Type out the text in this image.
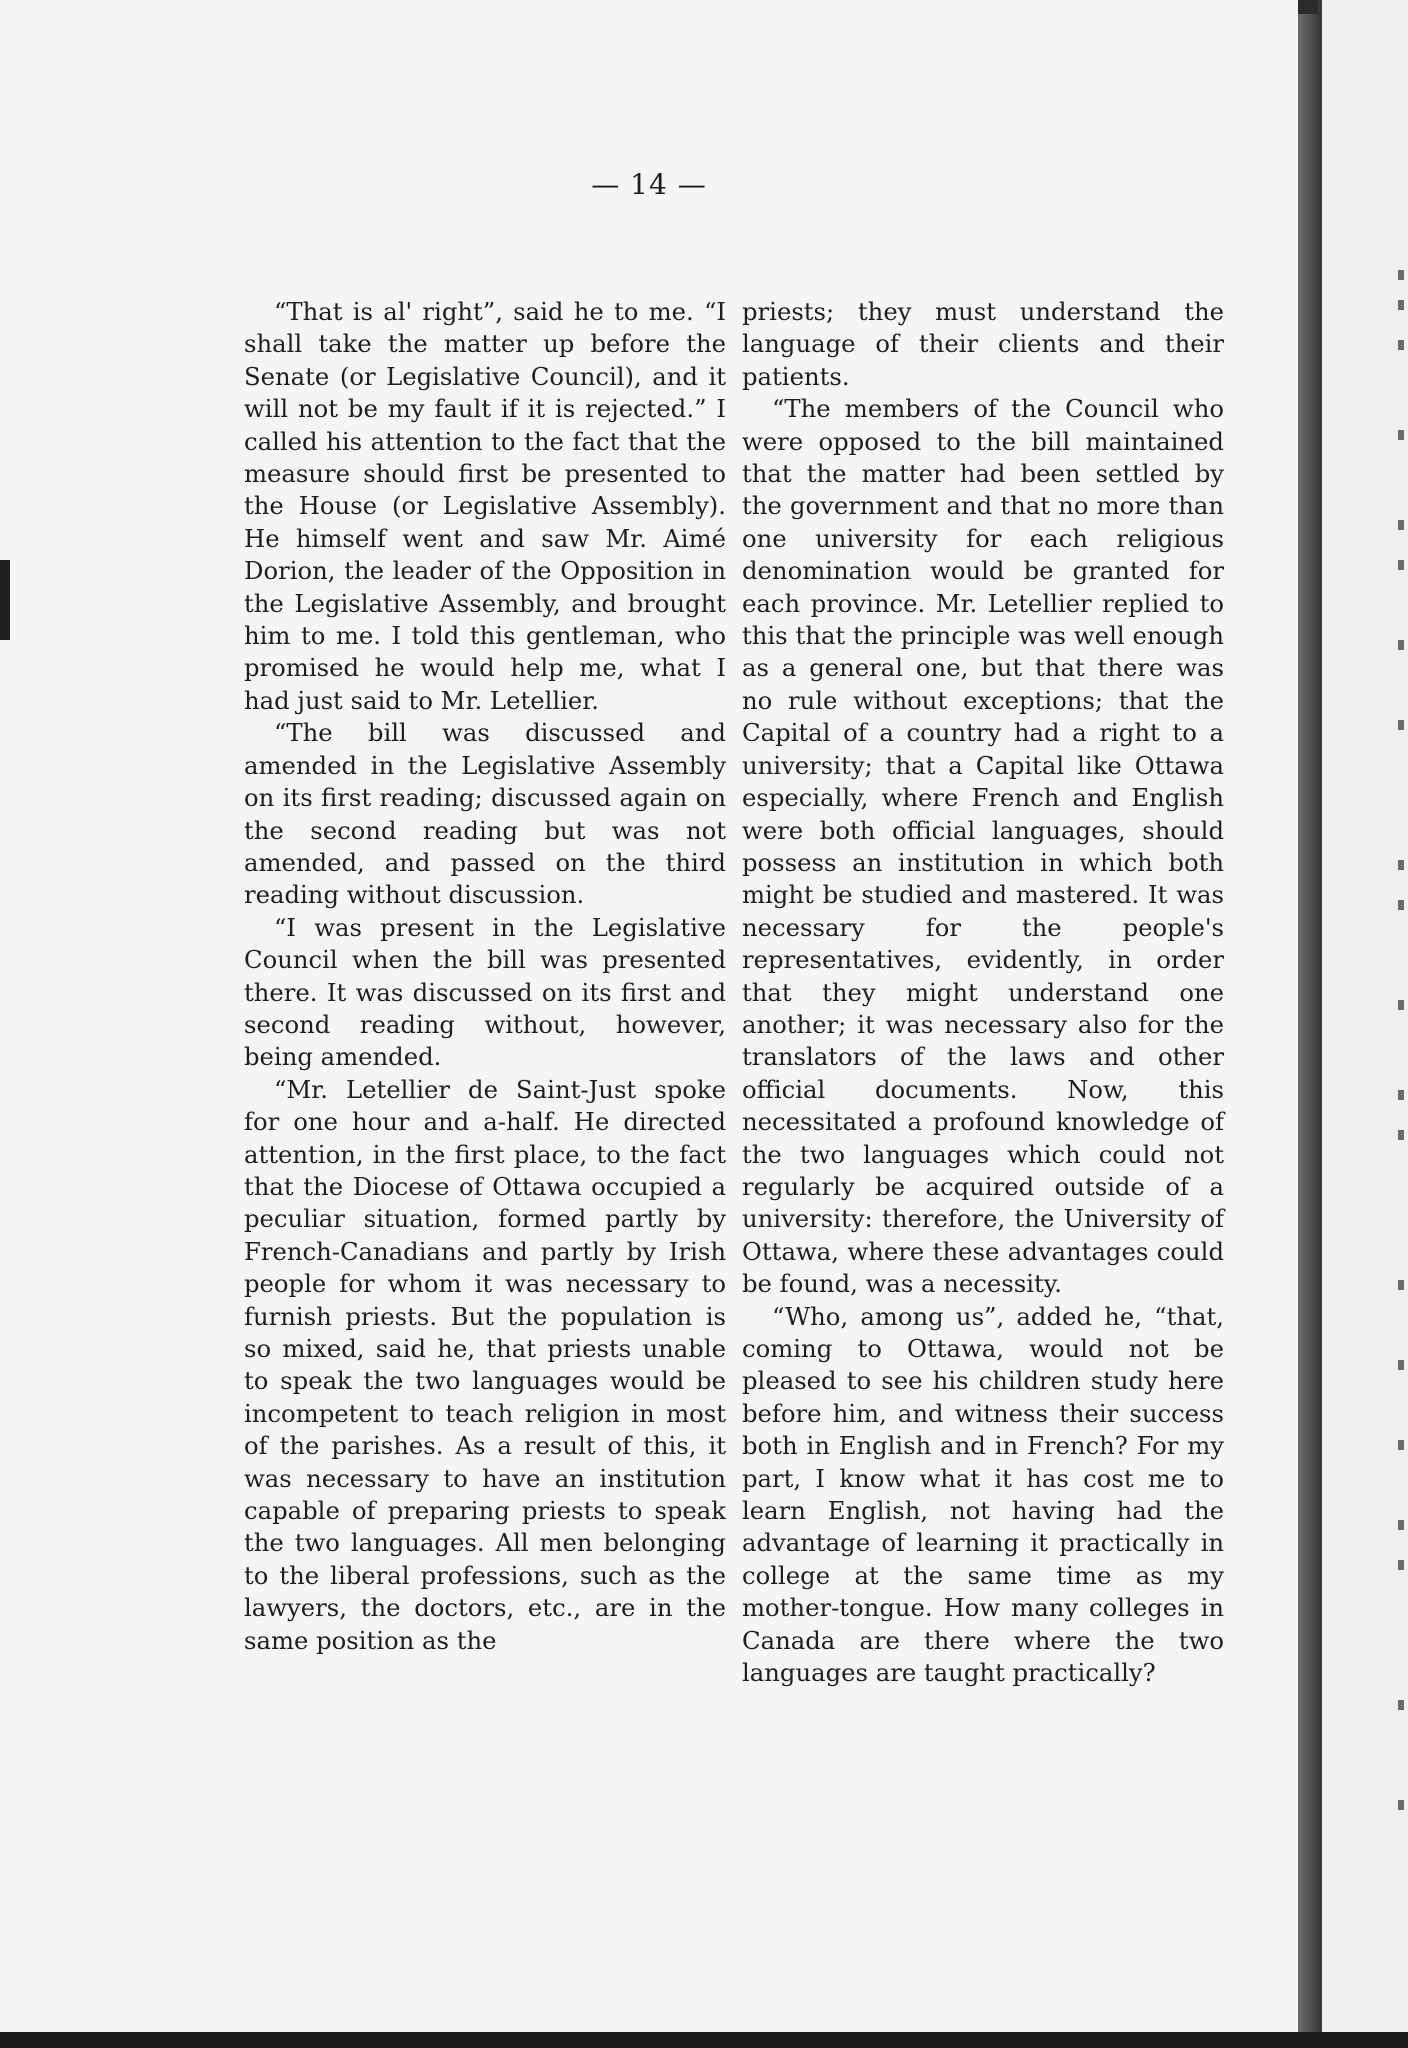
— 14 —

“That is al' right”, said he to me. “I shall take the matter up before the Senate (or Legislative Council), and it will not be my fault if it is rejected.” I called his attention to the fact that the measure should first be presented to the House (or Legislative Assembly). He himself went and saw Mr. Aimé Dorion, the leader of the Opposition in the Legislative Assembly, and brought him to me. I told this gentleman, who promised he would help me, what I had just said to Mr. Letellier.

“The bill was discussed and amended in the Legislative Assembly on its first reading; discussed again on the second reading but was not amended, and passed on the third reading without discussion.

“I was present in the Legislative Council when the bill was presented there. It was discussed on its first and second reading without, however, being amended.

“Mr. Letellier de Saint-Just spoke for one hour and a-half. He directed attention, in the first place, to the fact that the Diocese of Ottawa occupied a peculiar situation, formed partly by French-Canadians and partly by Irish people for whom it was necessary to furnish priests. But the population is so mixed, said he, that priests unable to speak the two languages would be incompetent to teach religion in most of the parishes. As a result of this, it was necessary to have an institution capable of preparing priests to speak the two languages. All men belonging to the liberal professions, such as the lawyers, the doctors, etc., are in the same position as the

priests; they must understand the language of their clients and their patients.

“The members of the Council who were opposed to the bill maintained that the matter had been settled by the government and that no more than one university for each religious denomination would be granted for each province. Mr. Letellier replied to this that the principle was well enough as a general one, but that there was no rule without exceptions; that the Capital of a country had a right to a university; that a Capital like Ottawa especially, where French and English were both official languages, should possess an institution in which both might be studied and mastered. It was necessary for the people's representatives, evidently, in order that they might understand one another; it was necessary also for the translators of the laws and other official documents. Now, this necessitated a profound knowledge of the two languages which could not regularly be acquired outside of a university: therefore, the University of Ottawa, where these advantages could be found, was a necessity.

“Who, among us”, added he, “that, coming to Ottawa, would not be pleased to see his children study here before him, and witness their success both in English and in French? For my part, I know what it has cost me to learn English, not having had the advantage of learning it practically in college at the same time as my mother-tongue. How many colleges in Canada are there where the two languages are taught practically?
